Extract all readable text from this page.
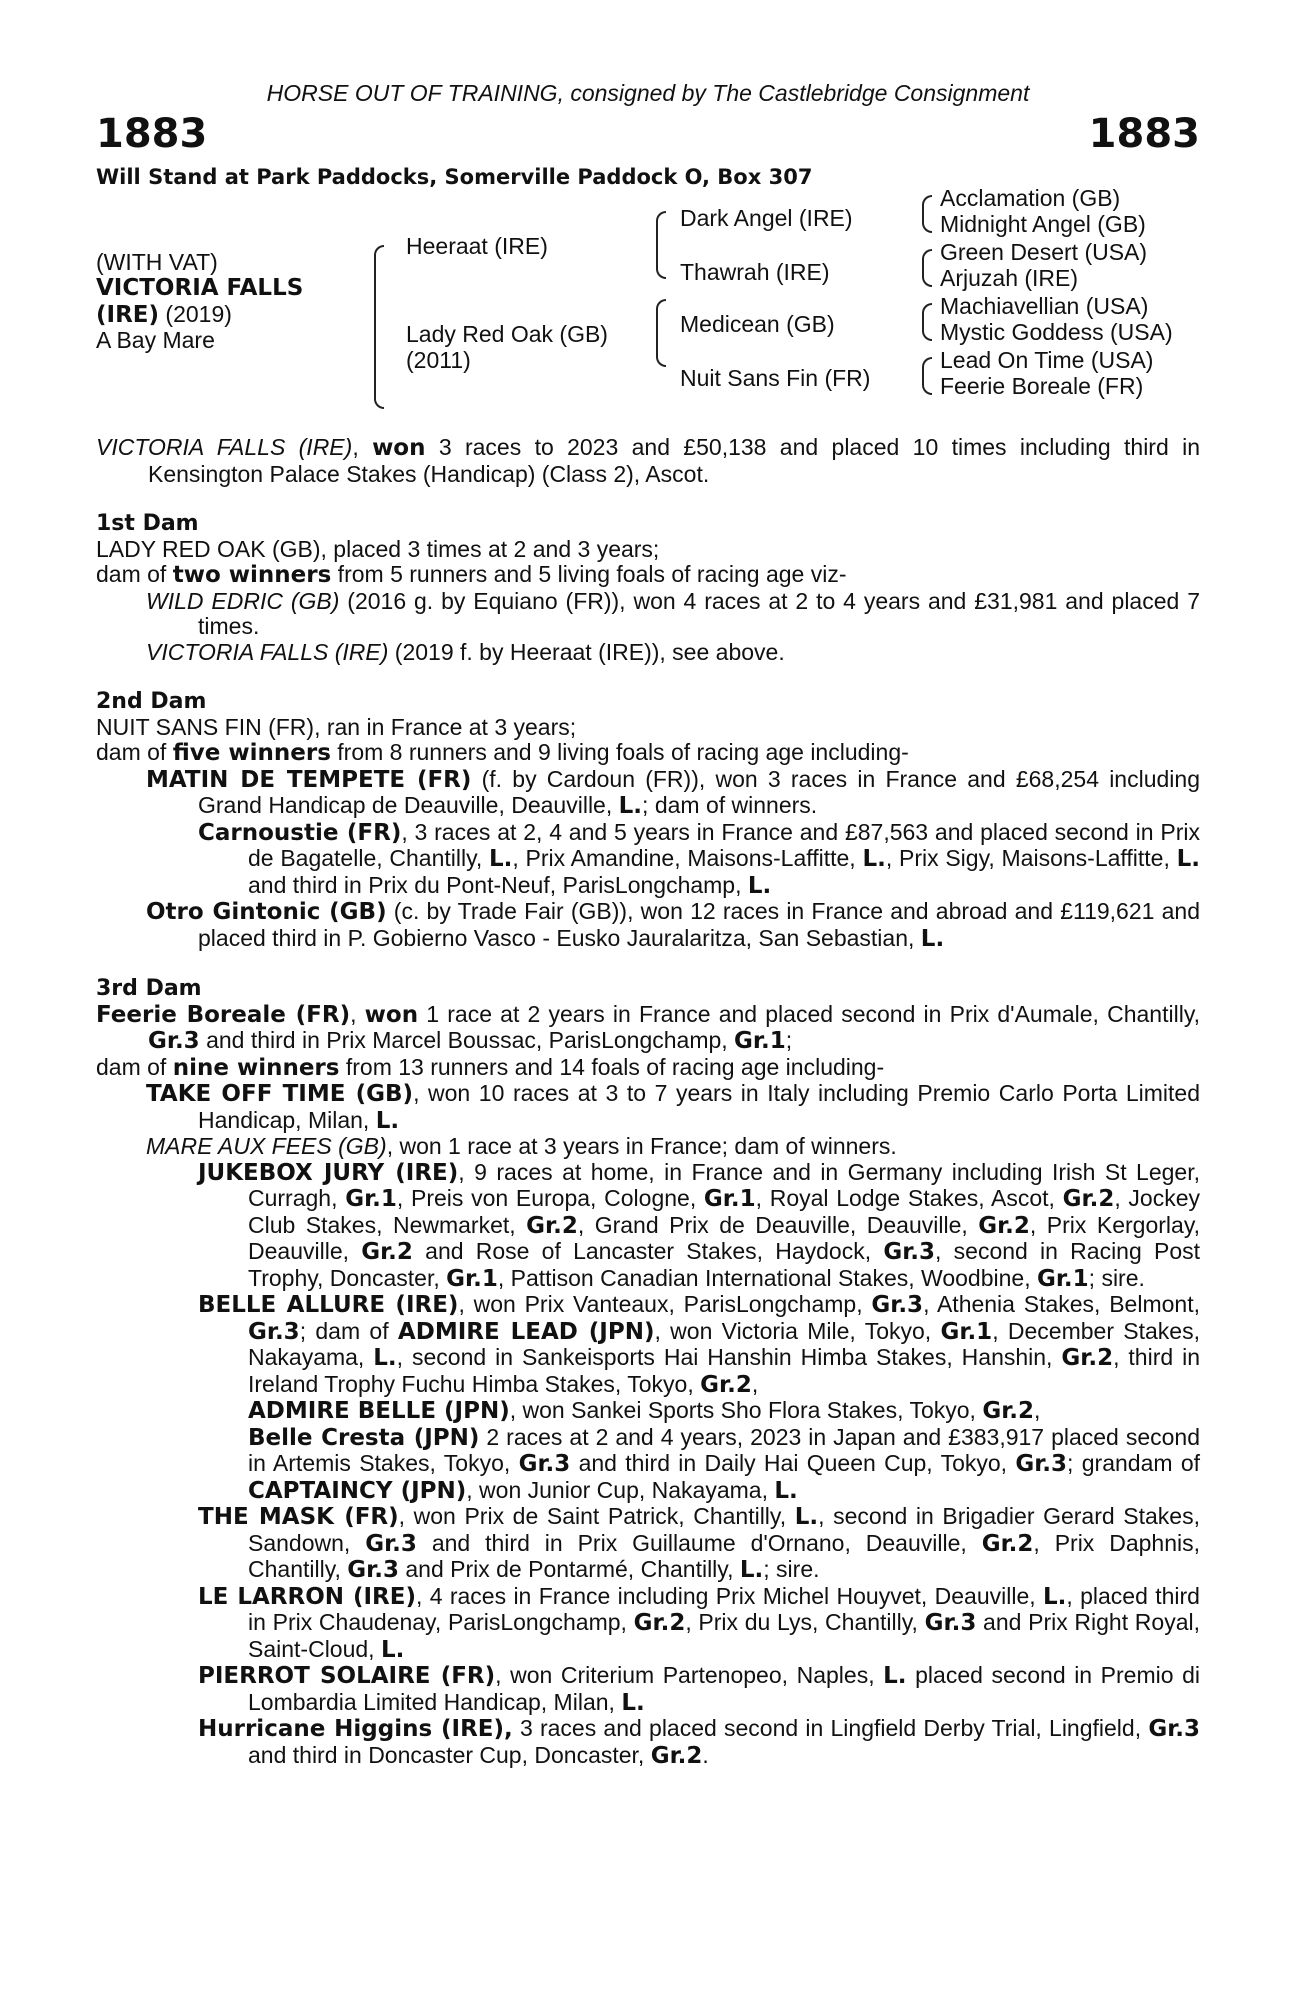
HORSE OUT OF TRAINING, consigned by The Castlebridge Consignment
1883	1883
Will Stand at Park Paddocks, Somerville Paddock O, Box 307
(WITH VAT)
VICTORIA FALLS
(IRE) (2019)
A Bay Mare
Heeraat (IRE)
Lady Red Oak (GB)
(2011)
Dark Angel (IRE)
Thawrah (IRE)
Medicean (GB)
Nuit Sans Fin (FR)
Acclamation (GB)
Midnight Angel (GB)
Green Desert (USA)
Arjuzah (IRE)
Machiavellian (USA)
Mystic Goddess (USA)
Lead On Time (USA)
Feerie Boreale (FR)

VICTORIA FALLS (IRE), won 3 races to 2023 and £50,138 and placed 10 times including third in Kensington Palace Stakes (Handicap) (Class 2), Ascot.

1st Dam

LADY RED OAK (GB), placed 3 times at 2 and 3 years;

dam of two winners from 5 runners and 5 living foals of racing age viz-

WILD EDRIC (GB) (2016 g. by Equiano (FR)), won 4 races at 2 to 4 years and £31,981 and placed 7 times.

VICTORIA FALLS (IRE) (2019 f. by Heeraat (IRE)), see above.

2nd Dam

NUIT SANS FIN (FR), ran in France at 3 years;

dam of five winners from 8 runners and 9 living foals of racing age including-

MATIN DE TEMPETE (FR) (f. by Cardoun (FR)), won 3 races in France and £68,254 including Grand Handicap de Deauville, Deauville, L.; dam of winners.

Carnoustie (FR), 3 races at 2, 4 and 5 years in France and £87,563 and placed second in Prix de Bagatelle, Chantilly, L., Prix Amandine, Maisons-Laffitte, L., Prix Sigy, Maisons-Laffitte, L. and third in Prix du Pont-Neuf, ParisLongchamp, L.

Otro Gintonic (GB) (c. by Trade Fair (GB)), won 12 races in France and abroad and £119,621 and placed third in P. Gobierno Vasco - Eusko Jauralaritza, San Sebastian, L.

3rd Dam

Feerie Boreale (FR), won 1 race at 2 years in France and placed second in Prix d'Aumale, Chantilly, Gr.3 and third in Prix Marcel Boussac, ParisLongchamp, Gr.1;

dam of nine winners from 13 runners and 14 foals of racing age including-

TAKE OFF TIME (GB), won 10 races at 3 to 7 years in Italy including Premio Carlo Porta Limited Handicap, Milan, L.

MARE AUX FEES (GB), won 1 race at 3 years in France; dam of winners.

JUKEBOX JURY (IRE), 9 races at home, in France and in Germany including Irish St Leger, Curragh, Gr.1, Preis von Europa, Cologne, Gr.1, Royal Lodge Stakes, Ascot, Gr.2, Jockey Club Stakes, Newmarket, Gr.2, Grand Prix de Deauville, Deauville, Gr.2, Prix Kergorlay, Deauville, Gr.2 and Rose of Lancaster Stakes, Haydock, Gr.3, second in Racing Post Trophy, Doncaster, Gr.1, Pattison Canadian International Stakes, Woodbine, Gr.1; sire.

BELLE ALLURE (IRE), won Prix Vanteaux, ParisLongchamp, Gr.3, Athenia Stakes, Belmont, Gr.3; dam of ADMIRE LEAD (JPN), won Victoria Mile, Tokyo, Gr.1, December Stakes, Nakayama, L., second in Sankeisports Hai Hanshin Himba Stakes, Hanshin, Gr.2, third in Ireland Trophy Fuchu Himba Stakes, Tokyo, Gr.2,

ADMIRE BELLE (JPN), won Sankei Sports Sho Flora Stakes, Tokyo, Gr.2,

Belle Cresta (JPN) 2 races at 2 and 4 years, 2023 in Japan and £383,917 placed second in Artemis Stakes, Tokyo, Gr.3 and third in Daily Hai Queen Cup, Tokyo, Gr.3; grandam of CAPTAINCY (JPN), won Junior Cup, Nakayama, L.

THE MASK (FR), won Prix de Saint Patrick, Chantilly, L., second in Brigadier Gerard Stakes, Sandown, Gr.3 and third in Prix Guillaume d'Ornano, Deauville, Gr.2, Prix Daphnis, Chantilly, Gr.3 and Prix de Pontarmé, Chantilly, L.; sire.

LE LARRON (IRE), 4 races in France including Prix Michel Houyvet, Deauville, L., placed third in Prix Chaudenay, ParisLongchamp, Gr.2, Prix du Lys, Chantilly, Gr.3 and Prix Right Royal, Saint-Cloud, L.

PIERROT SOLAIRE (FR), won Criterium Partenopeo, Naples, L. placed second in Premio di Lombardia Limited Handicap, Milan, L.

Hurricane Higgins (IRE), 3 races and placed second in Lingfield Derby Trial, Lingfield, Gr.3 and third in Doncaster Cup, Doncaster, Gr.2.
